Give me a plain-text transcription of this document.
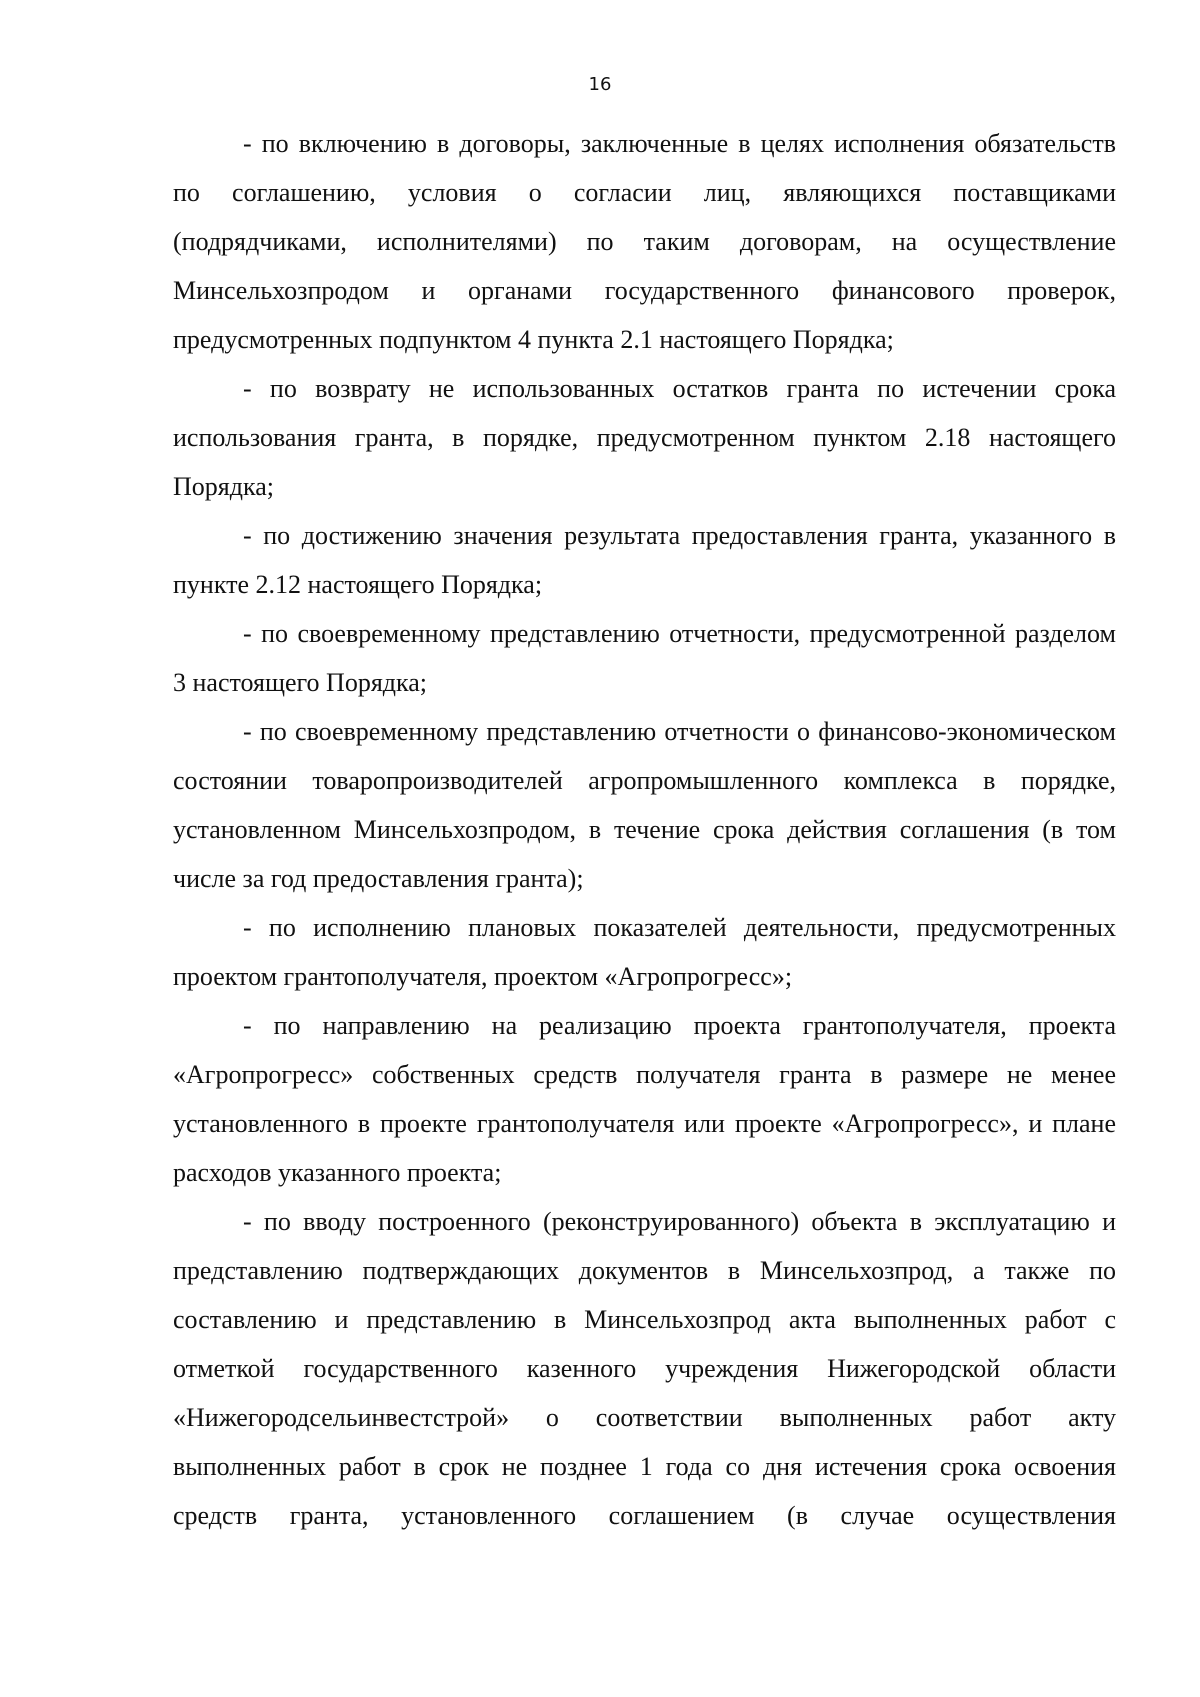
16

- по включению в договоры, заключенные в целях исполнения обязательств по соглашению, условия о согласии лиц, являющихся поставщиками (подрядчиками, исполнителями) по таким договорам, на осуществление Минсельхозпродом и органами государственного финансового проверок, предусмотренных подпунктом 4 пункта 2.1 настоящего Порядка;

- по возврату не использованных остатков гранта по истечении срока использования гранта, в порядке, предусмотренном пунктом 2.18 настоящего Порядка;

- по достижению значения результата предоставления гранта, указанного в пункте 2.12 настоящего Порядка;

- по своевременному представлению отчетности, предусмотренной разделом 3 настоящего Порядка;

- по своевременному представлению отчетности о финансово-экономическом состоянии товаропроизводителей агропромышленного комплекса в порядке, установленном Минсельхозпродом, в течение срока действия соглашения (в том числе за год предоставления гранта);

- по исполнению плановых показателей деятельности, предусмотренных проектом грантополучателя, проектом «Агропрогресс»;

- по направлению на реализацию проекта грантополучателя, проекта «Агропрогресс» собственных средств получателя гранта в размере не менее установленного в проекте грантополучателя или проекте «Агропрогресс», и плане расходов указанного проекта;

- по вводу построенного (реконструированного) объекта в эксплуатацию и представлению подтверждающих документов в Минсельхозпрод, а также по составлению и представлению в Минсельхозпрод акта выполненных работ с отметкой государственного казенного учреждения Нижегородской области «Нижегородсельинвестстрой» о соответствии выполненных работ акту выполненных работ в срок не позднее 1 года со дня истечения срока освоения средств гранта, установленного соглашением (в случае осуществления
